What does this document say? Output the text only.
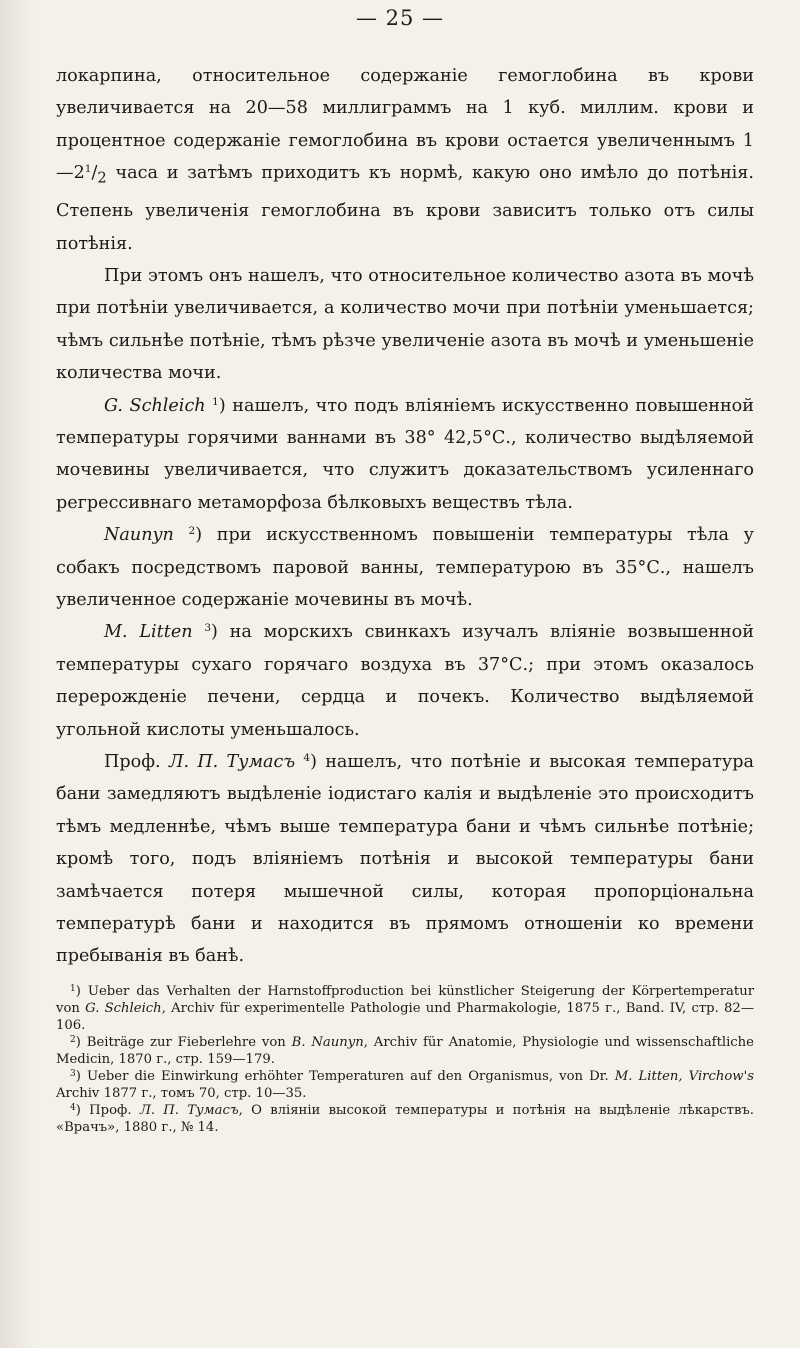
— 25 —

локарпина, относительное содержаніе гемоглобина въ крови увеличивается на 20—58 миллиграммъ на 1 куб. миллим. крови и процентное содержаніе гемоглобина въ крови остается увеличеннымъ $1—2^1/_2$ часа и затѣмъ приходитъ къ нормѣ, какую оно имѣло до потѣнія. Степень увеличенія гемоглобина въ крови зависитъ только отъ силы потѣнія.

При этомъ онъ нашелъ, что относительное количество азота въ мочѣ при потѣніи увеличивается, а количество мочи при потѣніи уменьшается; чѣмъ сильнѣе потѣніе, тѣмъ рѣзче увеличеніе азота въ мочѣ и уменьшеніе количества мочи.

G. Schleich $^1$) нашелъ, что подъ вліяніемъ искусственно повышенной температуры горячими ваннами въ 38° 42,5°С., количество выдѣляемой мочевины увеличивается, что служитъ доказательствомъ усиленнаго регрессивнаго метаморфоза бѣлковыхъ веществъ тѣла.

Naunyn $^2$) при искусственномъ повышеніи температуры тѣла у собакъ посредствомъ паровой ванны, температурою въ 35°С., нашелъ увеличенное содержаніе мочевины въ мочѣ.

M. Litten $^3$) на морскихъ свинкахъ изучалъ вліяніе возвышенной температуры сухаго горячаго воздуха въ 37°С.; при этомъ оказалось перерожденіе печени, сердца и почекъ. Количество выдѣляемой угольной кислоты уменьшалось.

Проф. Л. П. Тумасъ $^4$) нашелъ, что потѣніе и высокая температура бани замедляютъ выдѣленіе іодистаго калія и выдѣленіе это происходитъ тѣмъ медленнѣе, чѣмъ выше температура бани и чѣмъ сильнѣе потѣніе; кромѣ того, подъ вліяніемъ потѣнія и высокой температуры бани замѣчается потеря мышечной силы, которая пропорціональна температурѣ бани и находится въ прямомъ отношеніи ко времени пребыванія въ банѣ.

$^1$) Ueber das Verhalten der Harnstoffproduction bei künstlicher Steigerung der Körpertemperatur von G. Schleich, Archiv für experimentelle Pathologie und Pharmakologie, 1875 г., Band. IV, стр. 82—106.

$^2$) Beiträge zur Fieberlehre von B. Naunyn, Archiv für Anatomie, Physiologie und wissenschaftliche Medicin, 1870 г., стр. 159—179.

$^3$) Ueber die Einwirkung erhöhter Temperaturen auf den Organismus, von Dr. M. Litten, Virchow's Archiv 1877 г., томъ 70, стр. 10—35.

$^4$) Проф. Л. П. Тумасъ, О вліяніи высокой температуры и потѣнія на выдѣленіе лѣкарствъ. «Врачъ», 1880 г., № 14.
